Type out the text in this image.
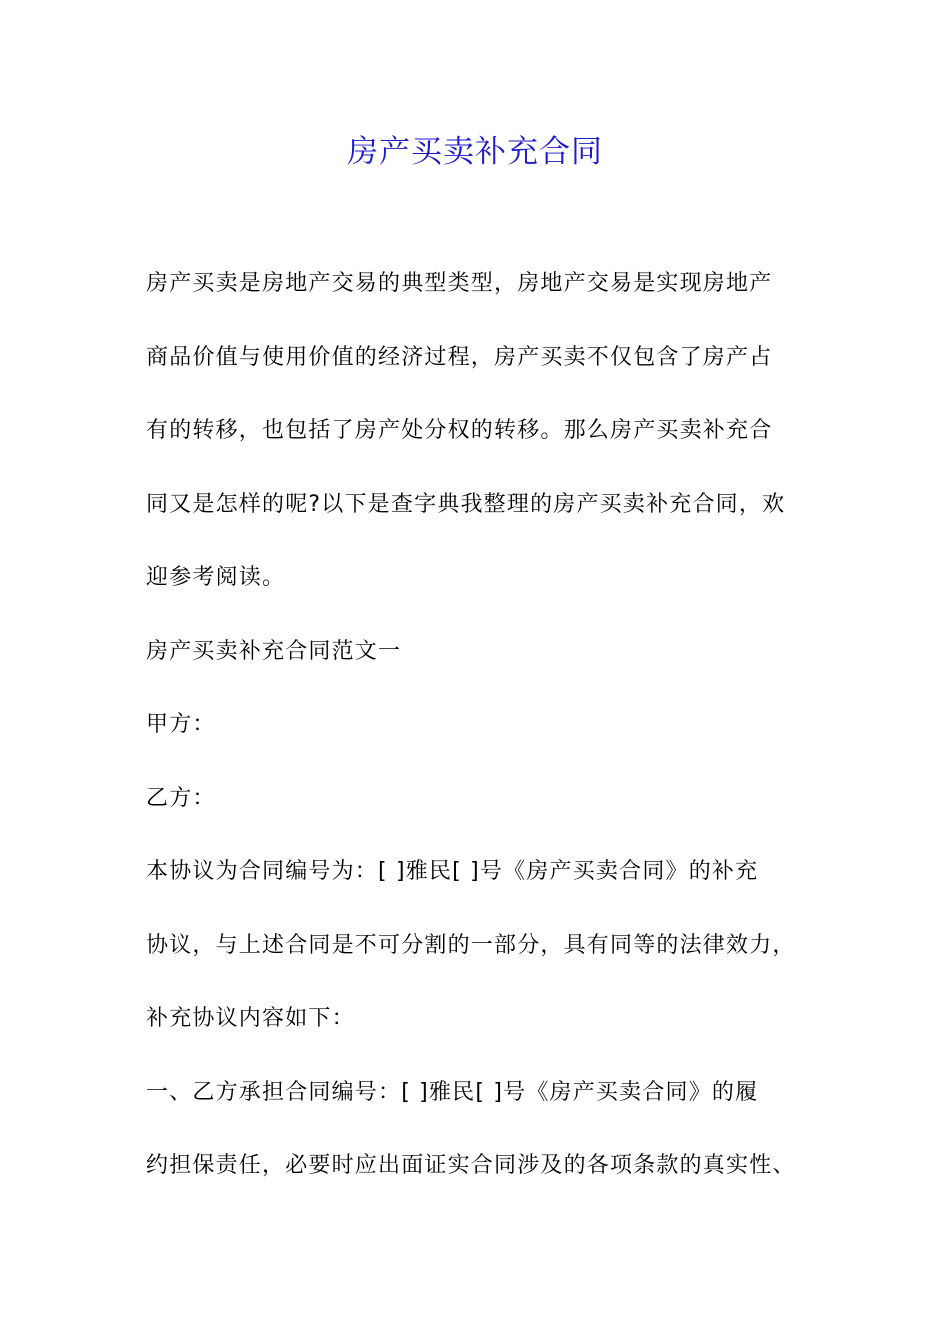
房产买卖补充合同

房产买卖是房地产交易的典型类型，房地产交易是实现房地产
商品价值与使用价值的经济过程，房产买卖不仅包含了房产占
有的转移，也包括了房产处分权的转移。那么房产买卖补充合
同又是怎样的呢?以下是查字典我整理的房产买卖补充合同，欢
迎参考阅读。

房产买卖补充合同范文一

甲方：

乙方：

本协议为合同编号为：[ ]雅民[ ]号《房产买卖合同》的补充
协议，与上述合同是不可分割的一部分，具有同等的法律效力，
补充协议内容如下：

一、乙方承担合同编号：[ ]雅民[ ]号《房产买卖合同》的履
约担保责任，必要时应出面证实合同涉及的各项条款的真实性、
